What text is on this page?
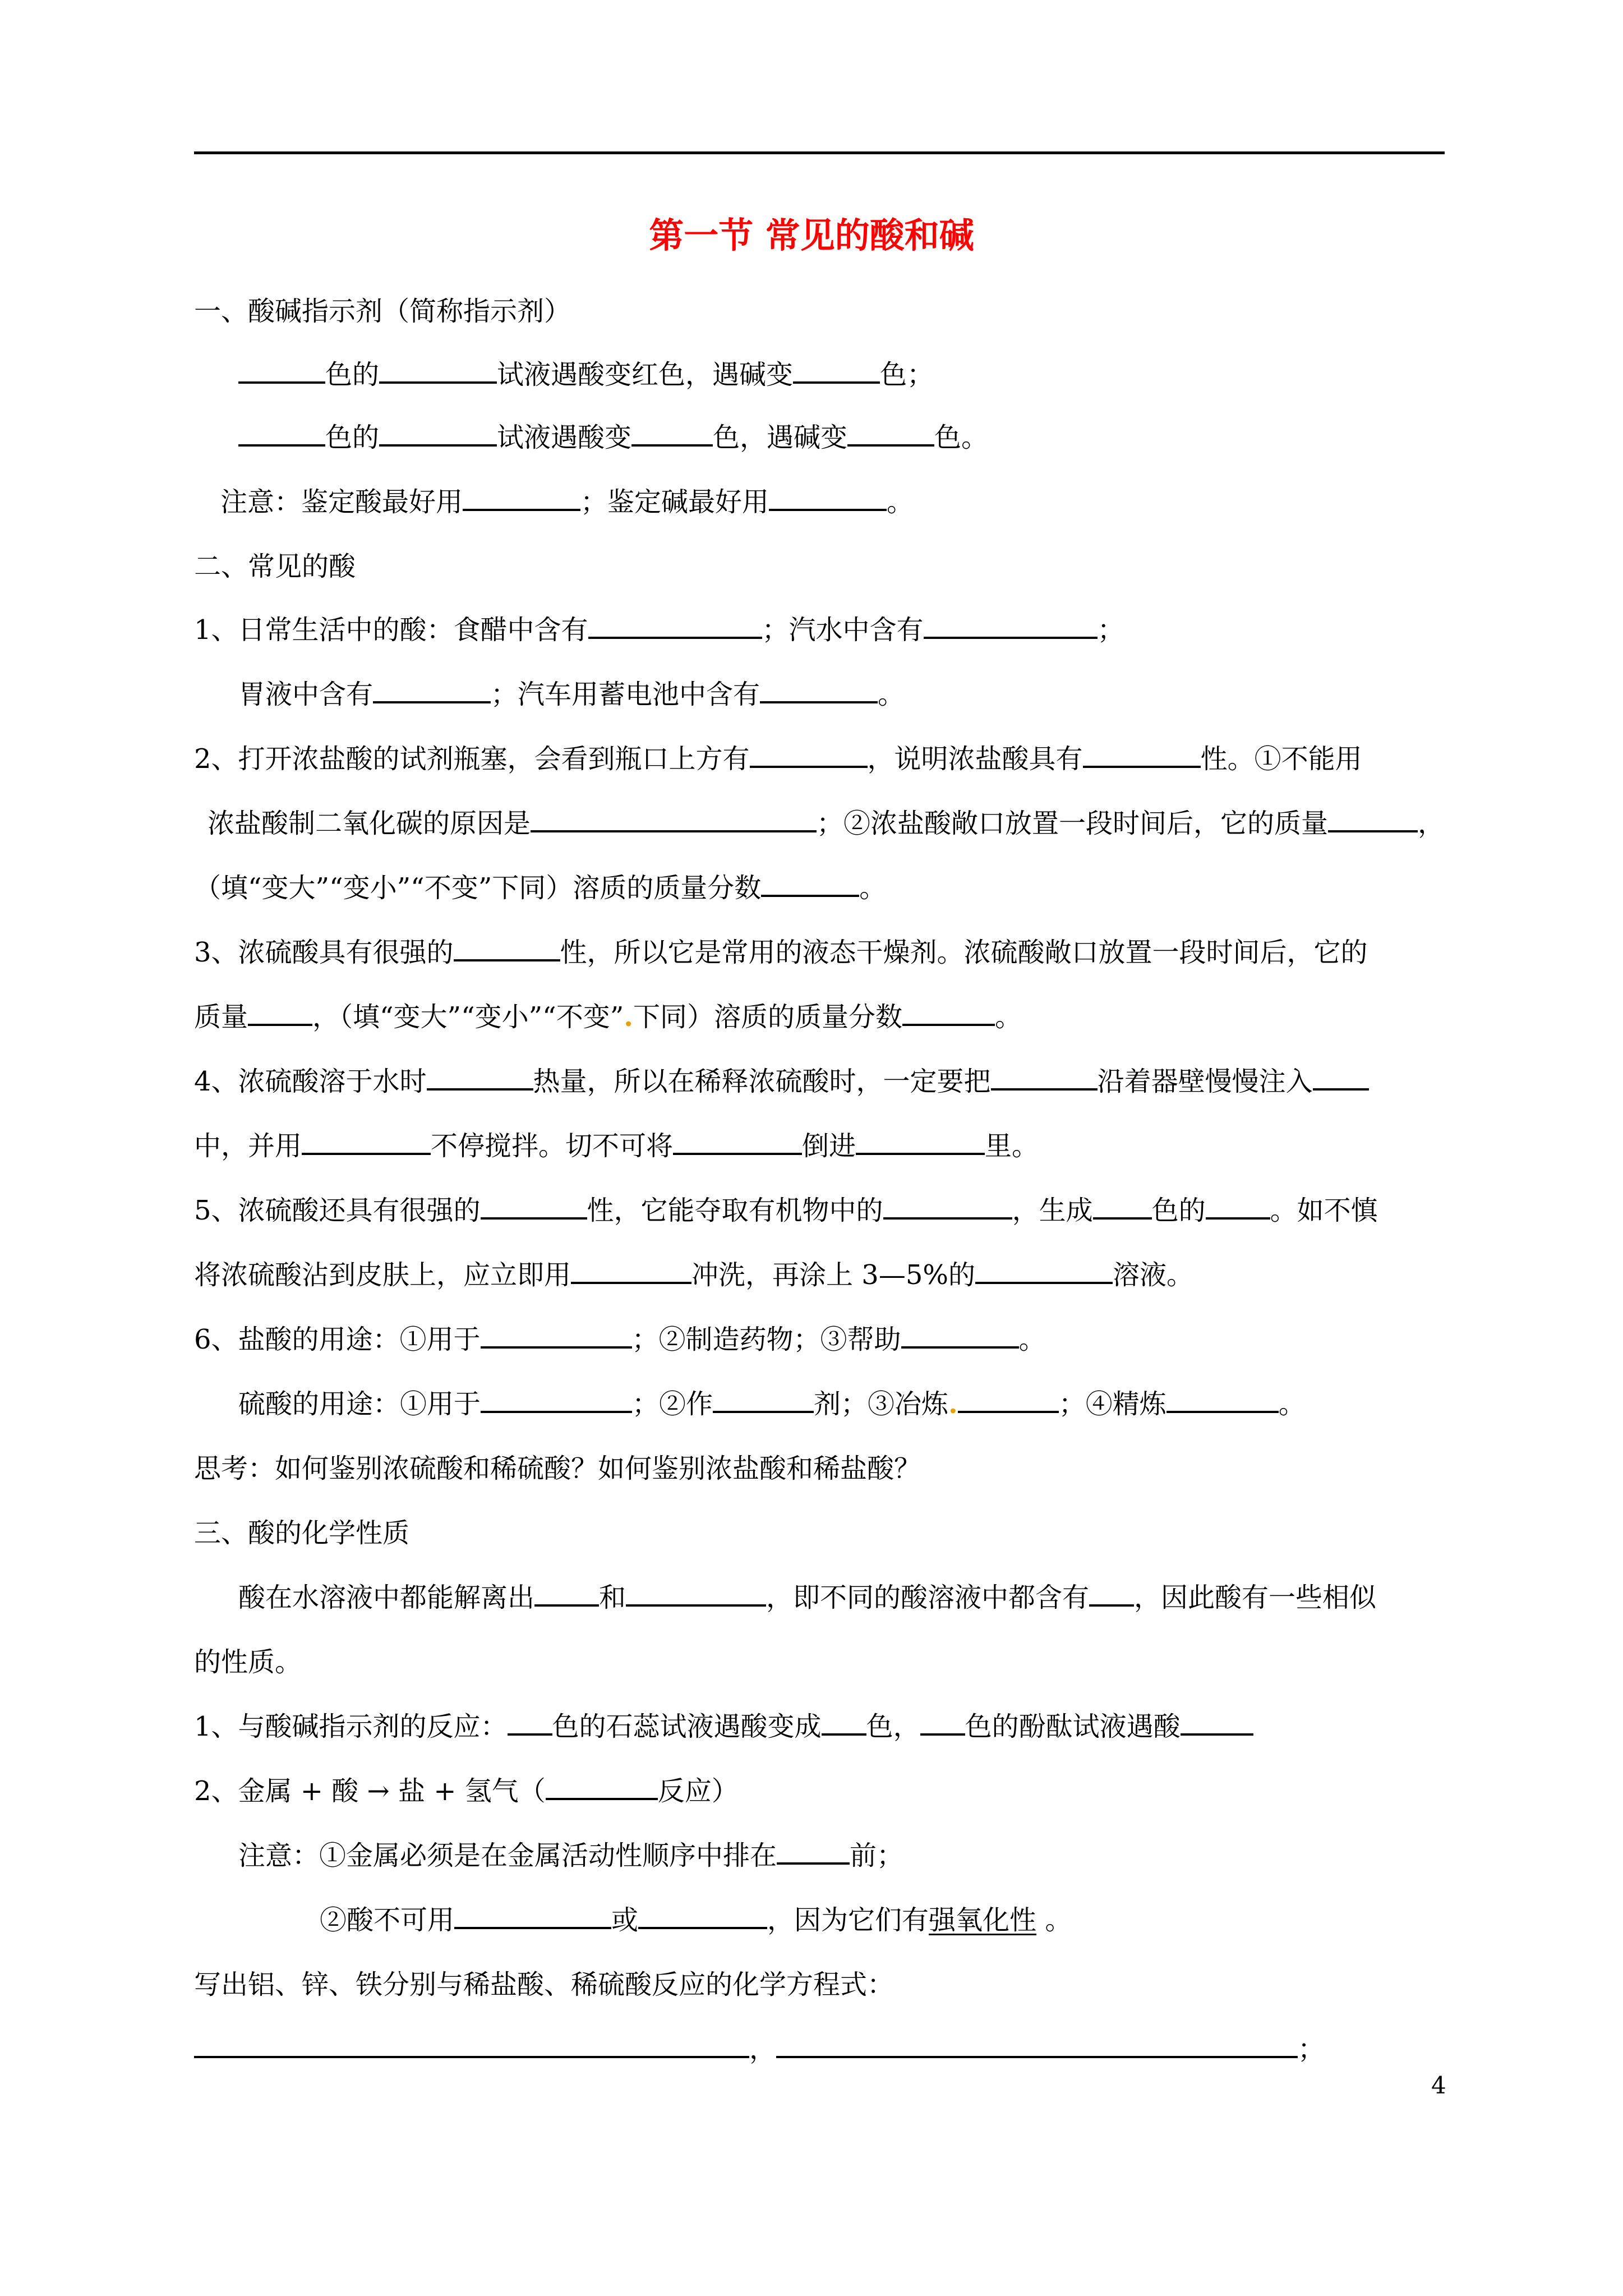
第一节 常见的酸和碱
一、酸碱指示剂（简称指示剂）
色的	试液遇酸变红色，遇碱变	色；
色的	试液遇酸变	色，遇碱变	色。
注意：鉴定酸最好用	；鉴定碱最好用	。
二、常见的酸
1、日常生活中的酸：食醋中含有	；汽水中含有	；
胃液中含有	；汽车用蓄电池中含有	。
2、打开浓盐酸的试剂瓶塞，会看到瓶口上方有	，说明浓盐酸具有	性。①不能用
浓盐酸制二氧化碳的原因是	；②浓盐酸敞口放置一段时间后，它的质量	，
（填“变大”“变小”“不变”下同）溶质的质量分数	。
3、浓硫酸具有很强的	性，所以它是常用的液态干燥剂。浓硫酸敞口放置一段时间后，它的
质量 ，（填“变大”“变小”“不变”.下同）溶质的质量分数	。
4、浓硫酸溶于水时	热量，所以在稀释浓硫酸时，一定要把	沿着器壁慢慢注入
中，并用	不停搅拌。切不可将	倒进	里。
5、浓硫酸还具有很强的	性，它能夺取有机物中的	，生成 色的 。如不慎
将浓硫酸沾到皮肤上，应立即用	冲洗，再涂上 3—5%的	溶液。
6、盐酸的用途：①用于	；②制造药物；③帮助	。
硫酸的用途：①用于	；②作	剂；③冶炼.	；④精炼	。
思考：如何鉴别浓硫酸和稀硫酸？如何鉴别浓盐酸和稀盐酸？
三、酸的化学性质
酸在水溶液中都能解离出 和	，即不同的酸溶液中都含有 ，因此酸有一些相似
的性质。
1、与酸碱指示剂的反应： 色的石蕊试液遇酸变成 色， 色的酚酞试液遇酸
2、金属 + 酸 → 盐 + 氢气（	反应）
注意：①金属必须是在金属活动性顺序中排在	前；
②酸不可用	或	，因为它们有强氧化性 。
写出铝、锌、铁分别与稀盐酸、稀硫酸反应的化学方程式：
，	；
4
